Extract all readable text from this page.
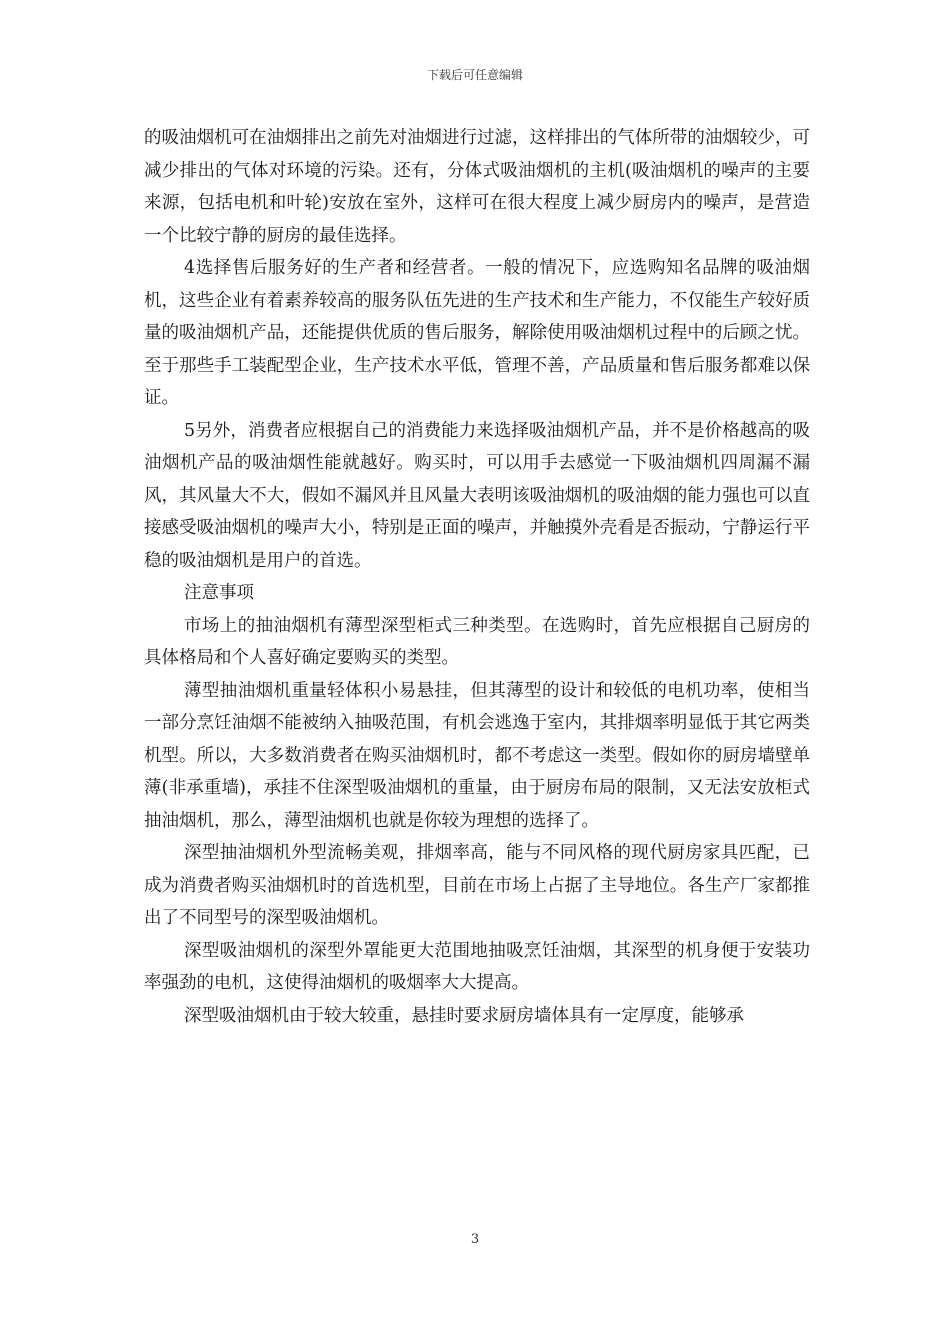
下载后可任意编辑

的吸油烟机可在油烟排出之前先对油烟进行过滤，这样排出的气体所带的油烟较少，可减少排出的气体对环境的污染。还有，分体式吸油烟机的主机(吸油烟机的噪声的主要来源，包括电机和叶轮)安放在室外，这样可在很大程度上减少厨房内的噪声，是营造一个比较宁静的厨房的最佳选择。

4选择售后服务好的生产者和经营者。一般的情况下，应选购知名品牌的吸油烟机，这些企业有着素养较高的服务队伍先进的生产技术和生产能力，不仅能生产较好质量的吸油烟机产品，还能提供优质的售后服务，解除使用吸油烟机过程中的后顾之忧。至于那些手工装配型企业，生产技术水平低，管理不善，产品质量和售后服务都难以保证。

5另外，消费者应根据自己的消费能力来选择吸油烟机产品，并不是价格越高的吸油烟机产品的吸油烟性能就越好。购买时，可以用手去感觉一下吸油烟机四周漏不漏风，其风量大不大，假如不漏风并且风量大表明该吸油烟机的吸油烟的能力强也可以直接感受吸油烟机的噪声大小，特别是正面的噪声，并触摸外壳看是否振动，宁静运行平稳的吸油烟机是用户的首选。

注意事项

市场上的抽油烟机有薄型深型柜式三种类型。在选购时，首先应根据自己厨房的具体格局和个人喜好确定要购买的类型。

薄型抽油烟机重量轻体积小易悬挂，但其薄型的设计和较低的电机功率，使相当一部分烹饪油烟不能被纳入抽吸范围，有机会逃逸于室内，其排烟率明显低于其它两类机型。所以，大多数消费者在购买油烟机时，都不考虑这一类型。假如你的厨房墙壁单薄(非承重墙)，承挂不住深型吸油烟机的重量，由于厨房布局的限制，又无法安放柜式抽油烟机，那么，薄型油烟机也就是你较为理想的选择了。

深型抽油烟机外型流畅美观，排烟率高，能与不同风格的现代厨房家具匹配，已成为消费者购买油烟机时的首选机型，目前在市场上占据了主导地位。各生产厂家都推出了不同型号的深型吸油烟机。

深型吸油烟机的深型外罩能更大范围地抽吸烹饪油烟，其深型的机身便于安装功率强劲的电机，这使得油烟机的吸烟率大大提高。

深型吸油烟机由于较大较重，悬挂时要求厨房墙体具有一定厚度，能够承

3
